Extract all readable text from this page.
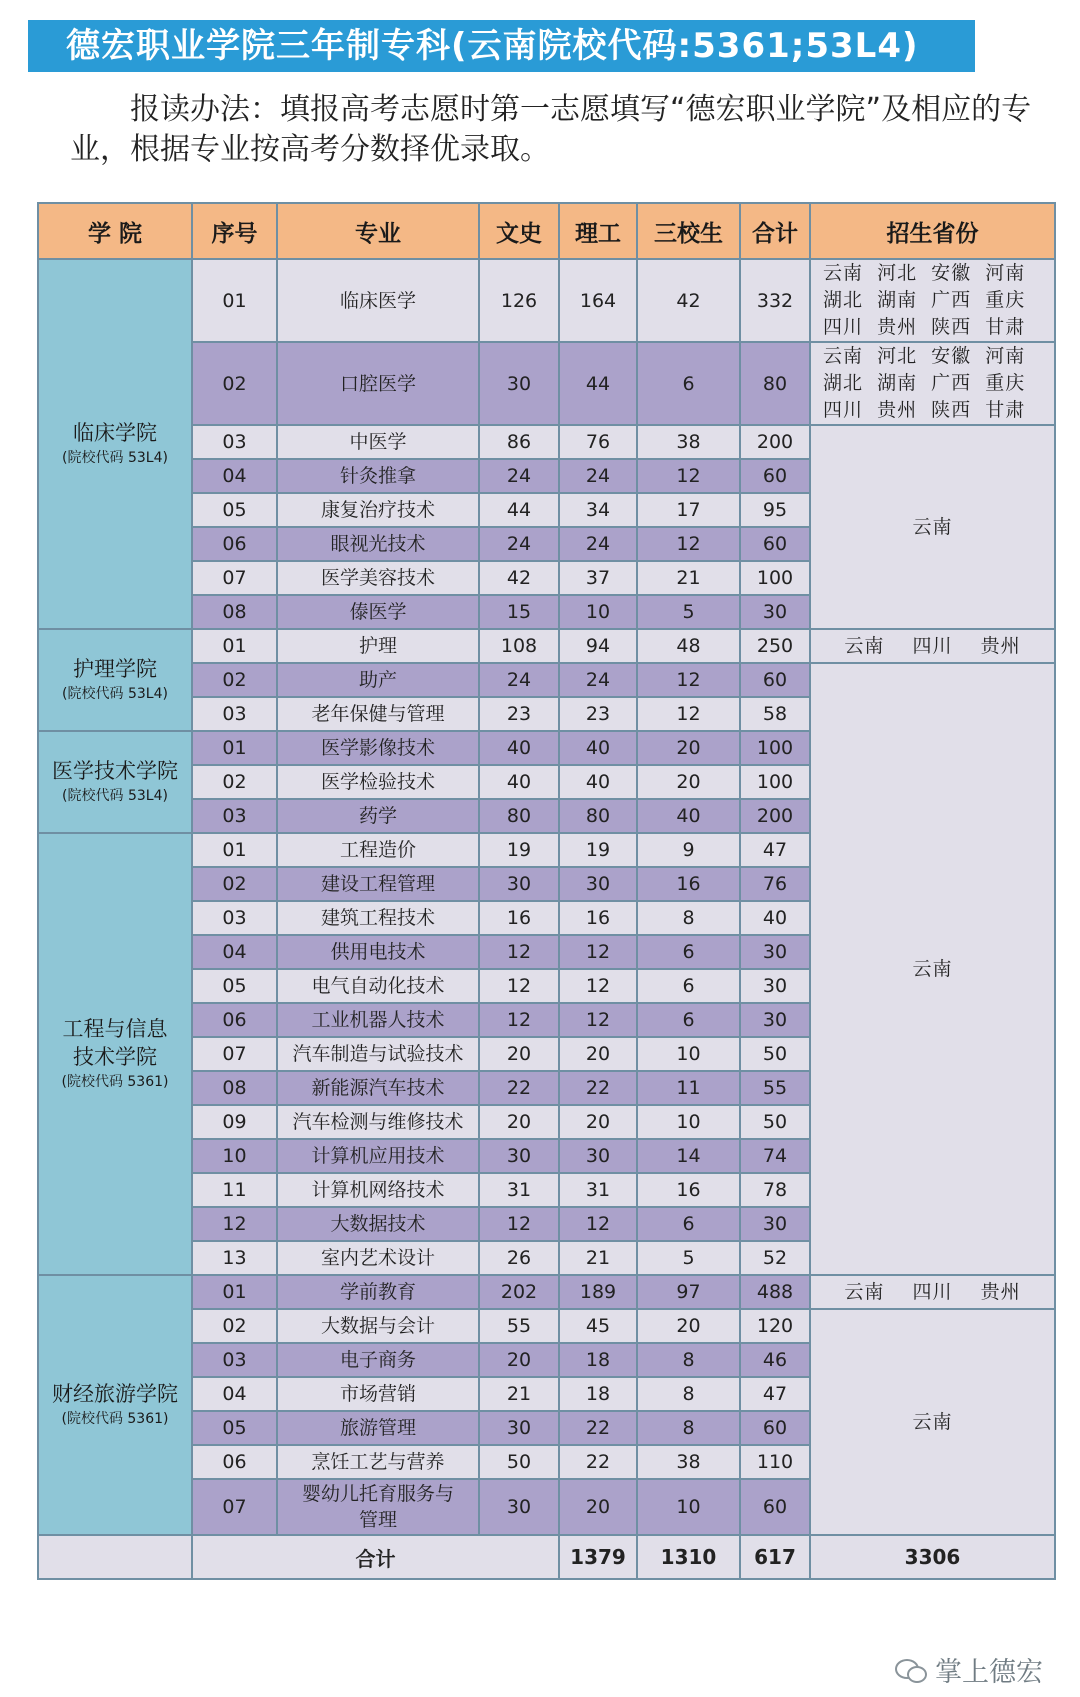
德宏职业学院三年制专科(云南院校代码:5361;53L4)
报读办法：填报高考志愿时第一志愿填写“德宏职业学院”及相应的专业，根据专业按高考分数择优录取。
学 院	序号	专业	文史	理工	三校生	合计	招生省份	

临床学院
(院校代码 53L4)	01	临床医学	126	164	42	332	云南  河北  安徽  河南
湖北  湖南  广西  重庆
四川  贵州  陕西  甘肃	

	02	口腔医学	30	44	6	80	云南  河北  安徽  河南
湖北  湖南  广西  重庆
四川  贵州  陕西  甘肃	

	03	中医学	86	76	38	200	云南	

	04	针灸推拿	24	24	12	60		
	05	康复治疗技术	44	34	17	95		
	06	眼视光技术	24	24	12	60		
	07	医学美容技术	42	37	21	100		
	08	傣医学	15	10	5	30		

护理学院
(院校代码 53L4)	01	护理	108	94	48	250	云南    四川    贵州	

	02	助产	24	24	12	60	云南	

	03	老年保健与管理	23	23	12	58		

医学技术学院
(院校代码 53L4)	01	医学影像技术	40	40	20	100		
	02	医学检验技术	40	40	20	100		
	03	药学	80	80	40	200		

工程与信息
技术学院
(院校代码 5361)	01	工程造价	19	19	9	47		
	02	建设工程管理	30	30	16	76		
	03	建筑工程技术	16	16	8	40		
	04	供用电技术	12	12	6	30		
	05	电气自动化技术	12	12	6	30		
	06	工业机器人技术	12	12	6	30		
	07	汽车制造与试验技术	20	20	10	50		
	08	新能源汽车技术	22	22	11	55		
	09	汽车检测与维修技术	20	20	10	50		
	10	计算机应用技术	30	30	14	74		
	11	计算机网络技术	31	31	16	78		
	12	大数据技术	12	12	6	30		
	13	室内艺术设计	26	21	5	52		

财经旅游学院
(院校代码 5361)	01	学前教育	202	189	97	488	云南    四川    贵州	

	02	大数据与会计	55	45	20	120	云南	

	03	电子商务	20	18	8	46		
	04	市场营销	21	18	8	47		
	05	旅游管理	30	22	8	60		
	06	烹饪工艺与营养	50	22	38	110		
	07	婴幼儿托育服务与管理	30	20	10	60		
	合计			1379	1310	617	3306	
掌上德宏
